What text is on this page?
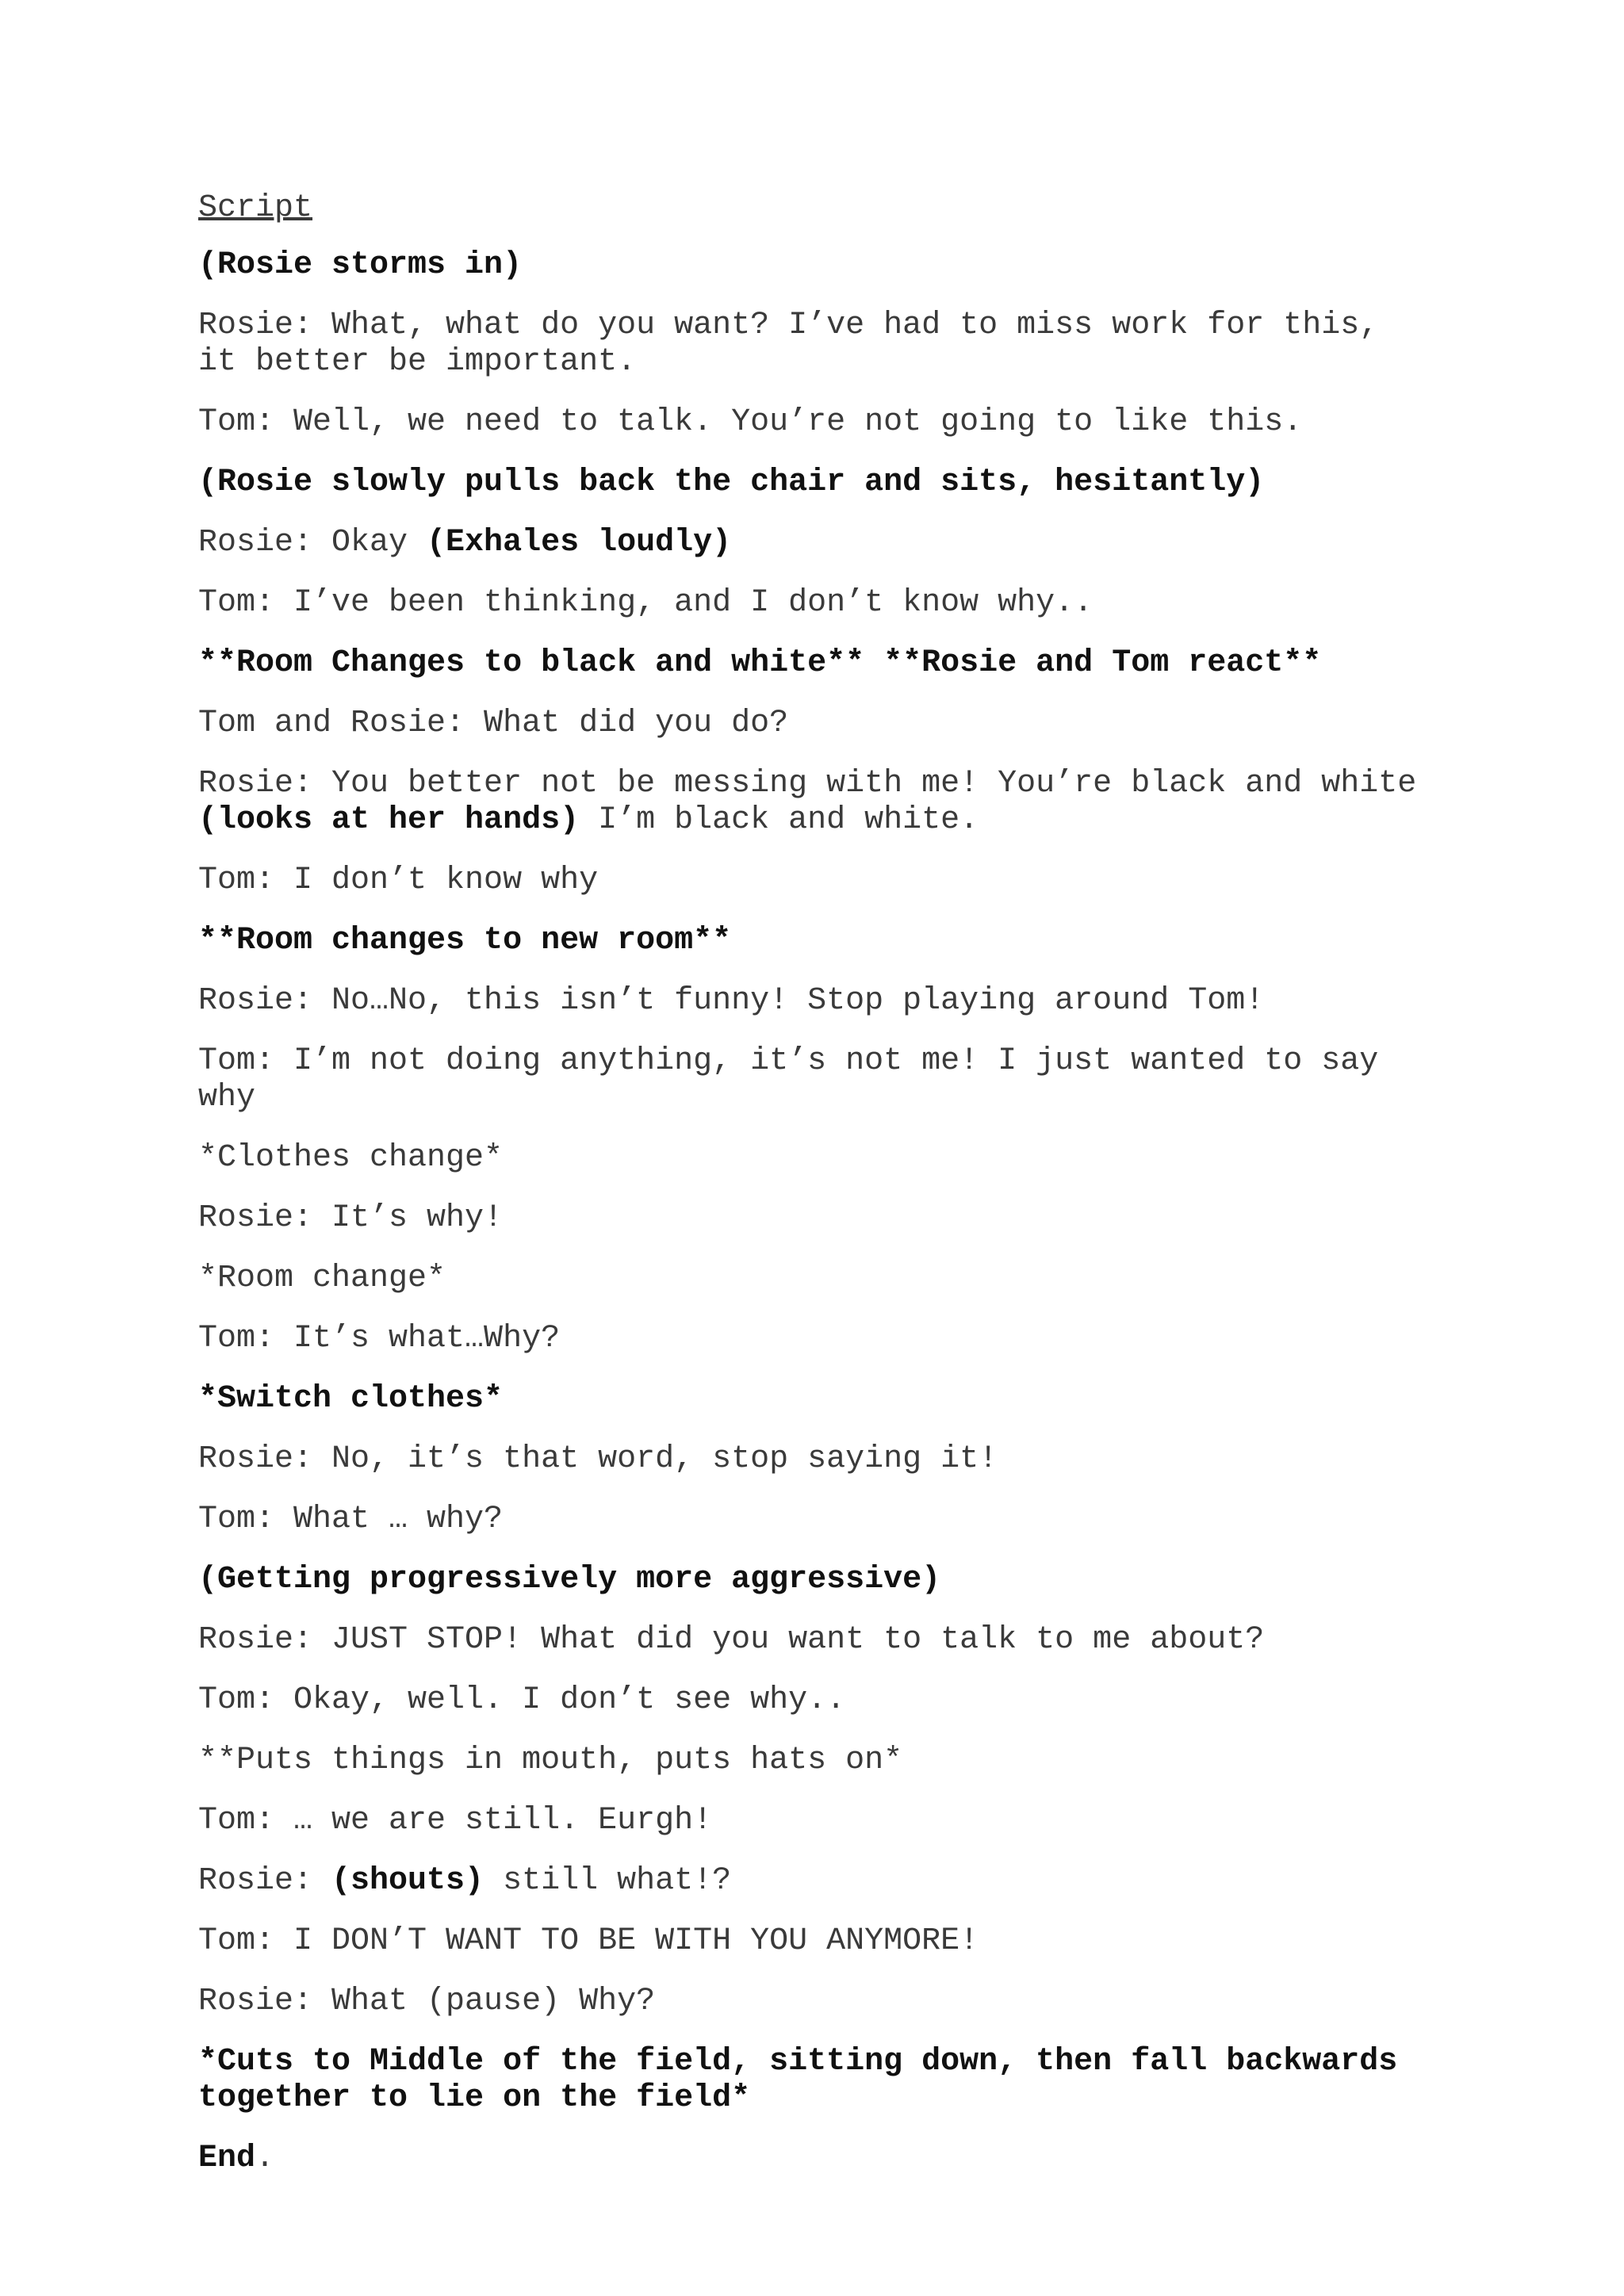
Script
(Rosie storms in)
Rosie: What, what do you want? I’ve had to miss work for this, it better be important.
Tom: Well, we need to talk. You’re not going to like this.
(Rosie slowly pulls back the chair and sits, hesitantly)
Rosie: Okay (Exhales loudly)
Tom: I’ve been thinking, and I don’t know why..
**Room Changes to black and white** **Rosie and Tom react**
Tom and Rosie: What did you do?
Rosie: You better not be messing with me! You’re black and white (looks at her hands) I’m black and white.
Tom: I don’t know why
**Room changes to new room**
Rosie: No…No, this isn’t funny! Stop playing around Tom!
Tom: I’m not doing anything, it’s not me! I just wanted to say why
*Clothes change*
Rosie: It’s why!
*Room change*
Tom: It’s what…Why?
*Switch clothes*
Rosie: No, it’s that word, stop saying it!
Tom: What … why?
(Getting progressively more aggressive)
Rosie: JUST STOP! What did you want to talk to me about?
Tom: Okay, well. I don’t see why..
**Puts things in mouth, puts hats on*
Tom: … we are still. Eurgh!
Rosie: (shouts) still what!?
Tom: I DON’T WANT TO BE WITH YOU ANYMORE!
Rosie: What (pause) Why?
*Cuts to Middle of the field, sitting down, then fall backwards together to lie on the field*
End.
